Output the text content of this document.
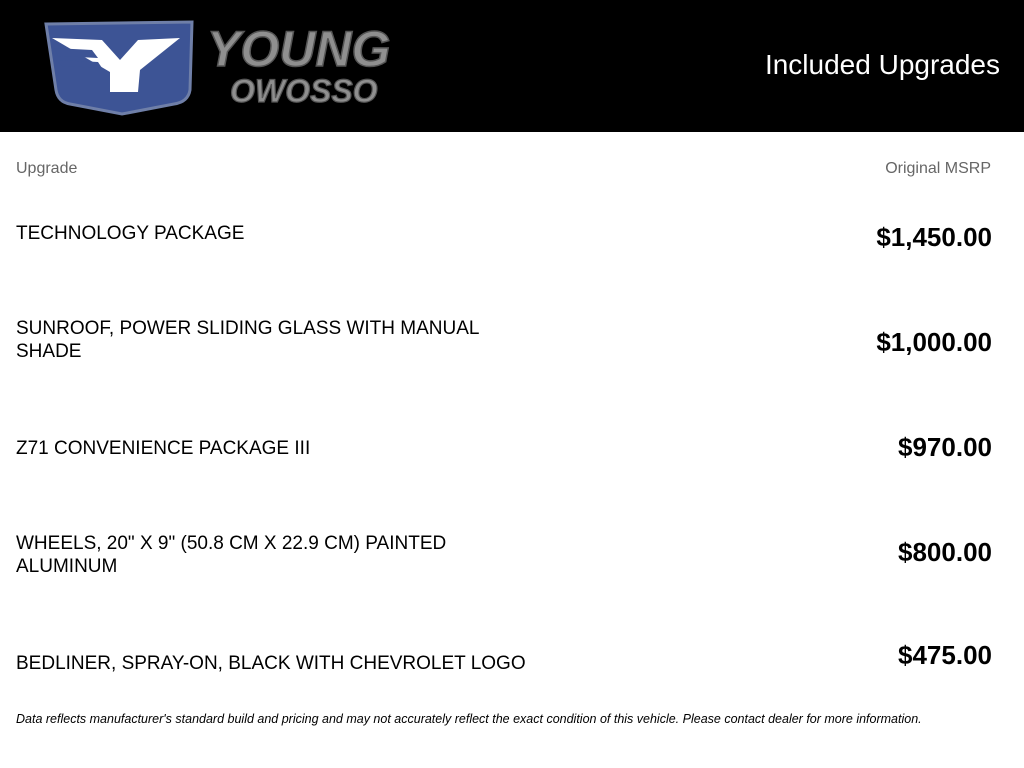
YOUNG
OWOSSO
Included Upgrades
Upgrade	Original MSRP
TECHNOLOGY PACKAGE	$1,450.00
SUNROOF, POWER SLIDING GLASS WITH MANUAL SHADE	$1,000.00
Z71 CONVENIENCE PACKAGE III	$970.00
WHEELS, 20" X 9" (50.8 CM X 22.9 CM) PAINTED ALUMINUM	$800.00
BEDLINER, SPRAY-ON, BLACK WITH CHEVROLET LOGO	$475.00
Data reflects manufacturer's standard build and pricing and may not accurately reflect the exact condition of this vehicle. Please contact dealer for more information.
